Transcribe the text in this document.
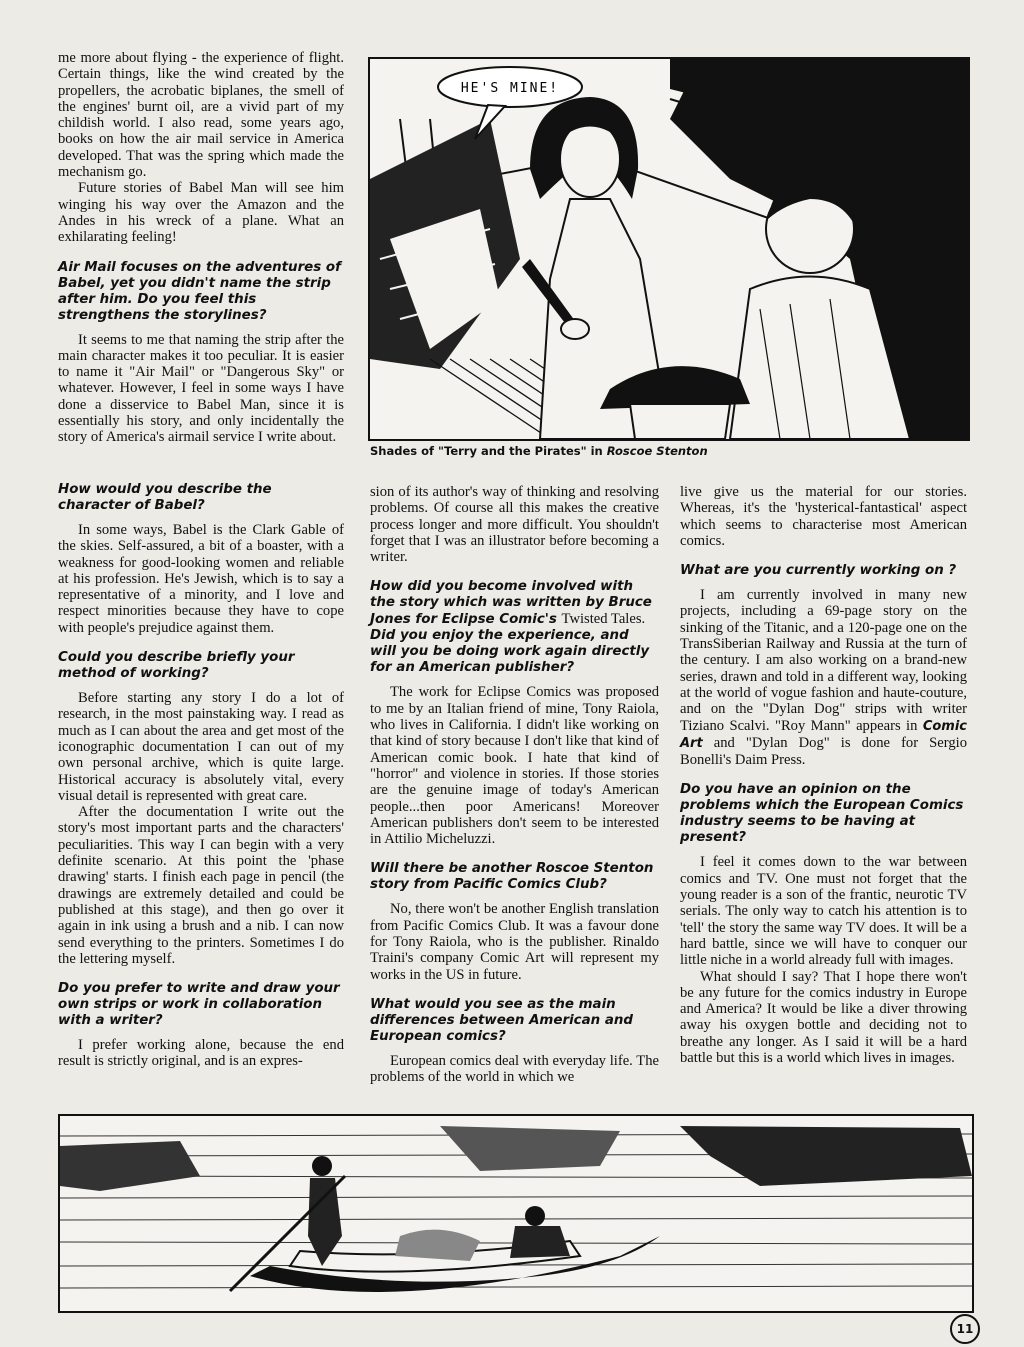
me more about flying - the experience of flight. Certain things, like the wind created by the propellers, the acrobatic biplanes, the smell of the engines' burnt oil, are a vivid part of my childish world. I also read, some years ago, books on how the air mail service in America developed. That was the spring which made the mechanism go.

Future stories of Babel Man will see him winging his way over the Amazon and the Andes in his wreck of a plane. What an exhilarating feeling!

Air Mail focuses on the adventures of Babel, yet you didn't name the strip after him. Do you feel this strengthens the storylines?

It seems to me that naming the strip after the main character makes it too peculiar. It is easier to name it "Air Mail" or "Dangerous Sky" or whatever. However, I feel in some ways I have done a disservice to Babel Man, since it is essentially his story, and only incidentally the story of America's airmail service I write about.

How would you describe the character of Babel?

In some ways, Babel is the Clark Gable of the skies. Self-assured, a bit of a boaster, with a weakness for good-looking women and reliable at his profession. He's Jewish, which is to say a representative of a minority, and I love and respect minorities because they have to cope with people's prejudice against them.

Could you describe briefly your method of working?

Before starting any story I do a lot of research, in the most painstaking way. I read as much as I can about the area and get most of the iconographic documentation I can out of my own personal archive, which is quite large. Historical accuracy is absolutely vital, every visual detail is represented with great care.

After the documentation I write out the story's most important parts and the characters' peculiarities. This way I can begin with a very definite scenario. At this point the 'phase drawing' starts. I finish each page in pencil (the drawings are extremely detailed and could be published at this stage), and then go over it again in ink using a brush and a nib. I can now send everything to the printers. Sometimes I do the lettering myself.

Do you prefer to write and draw your own strips or work in collaboration with a writer?

I prefer working alone, because the end result is strictly original, and is an expres-

HE'S MINE!
Shades of "Terry and the Pirates" in Roscoe Stenton

sion of its author's way of thinking and resolving problems. Of course all this makes the creative process longer and more difficult. You shouldn't forget that I was an illustrator before becoming a writer.

How did you become involved with the story which was written by Bruce Jones for Eclipse Comic's Twisted Tales. Did you enjoy the experience, and will you be doing work again directly for an American publisher?

The work for Eclipse Comics was proposed to me by an Italian friend of mine, Tony Raiola, who lives in California. I didn't like working on that kind of story because I don't like that kind of American comic book. I hate that kind of "horror" and violence in stories. If those stories are the genuine image of today's American people...then poor Americans! Moreover American publishers don't seem to be interested in Attilio Micheluzzi.

Will there be another Roscoe Stenton story from Pacific Comics Club?

No, there won't be another English translation from Pacific Comics Club. It was a favour done for Tony Raiola, who is the publisher. Rinaldo Traini's company Comic Art will represent my works in the US in future.

What would you see as the main differences between American and European comics?

European comics deal with everyday life. The problems of the world in which we

live give us the material for our stories. Whereas, it's the 'hysterical-fantastical' aspect which seems to characterise most American comics.

What are you currently working on ?

I am currently involved in many new projects, including a 69-page story on the sinking of the Titanic, and a 120-page one on the TransSiberian Railway and Russia at the turn of the century. I am also working on a brand-new series, drawn and told in a different way, looking at the world of vogue fashion and haute-couture, and on the "Dylan Dog" strips with writer Tiziano Scalvi. "Roy Mann" appears in Comic Art and "Dylan Dog" is done for Sergio Bonelli's Daim Press.

Do you have an opinion on the problems which the European Comics industry seems to be having at present?

I feel it comes down to the war between comics and TV. One must not forget that the young reader is a son of the frantic, neurotic TV serials. The only way to catch his attention is to 'tell' the story the same way TV does. It will be a hard battle, since we will have to conquer our little niche in a world already full with images.

What should I say? That I hope there won't be any future for the comics industry in Europe and America? It would be like a diver throwing away his oxygen bottle and deciding not to breathe any longer. As I said it will be a hard battle but this is a world which lives in images.

11
